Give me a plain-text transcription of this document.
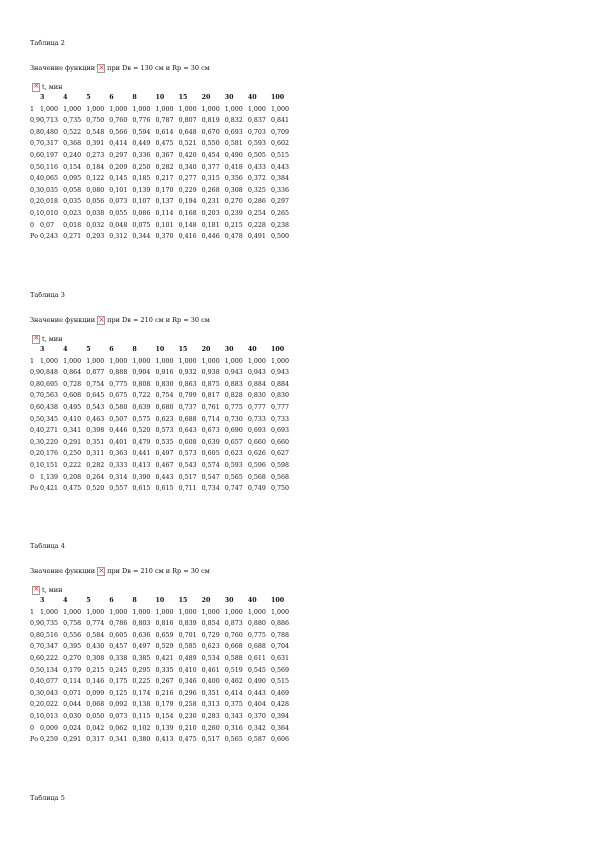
Таблица 2
Значение функции × при Dв = 130 см и Rр = 30 см
×
t, мин
	3	4	5	6	8	10	15	20	30	40	100
1	1,000	1,000	1,000	1,000	1,000	1,000	1,000	1,000	1,000	1,000	1,000
0,9	0,713	0,735	0,750	0,760	0,776	0,787	0,807	0,819	0,832	0,837	0,841
0,8	0,480	0,522	0,548	0,566	0,594	0,614	0,648	0,670	0,693	0,703	0,709
0,7	0,317	0,368	0,391	0,414	0,449	0,475	0,521	0,550	0,581	0,593	0,602
0,6	0,197	0,240	0,273	0,297	0,336	0,367	0,420	0,454	0,490	0,505	0,515
0,5	0,116	0,154	0,184	0,209	0,250	0,282	0,340	0,377	0,418	0,433	0,443
0,4	0,065	0,095	0,122	0,145	0,185	0,217	0,277	0,315	0,356	0,372	0,384
0,3	0,035	0,058	0,080	0,101	0,139	0,170	0,229	0,268	0,308	0,325	0,336
0,2	0,018	0,035	0,056	0,073	0,107	0,137	0,194	0,231	0,270	0,286	0,297
0,1	0,010	0,023	0,038	0,055	0,086	0,114	0,168	0,203	0,239	0,254	0,265
0	0,07	0,018	0,032	0,048	0,075	0,101	0,148	0,181	0,215	0,228	0,238
Рo	0,243	0,271	0,293	0,312	0,344	0,370	0,416	0,446	0,478	0,491	0,500
Таблица 3
Значение функции × при Dв = 210 см и Rр = 30 см
×
t, мин
	3	4	5	6	8	10	15	20	30	40	100
1	1,000	1,000	1,000	1,000	1,000	1,000	1,000	1,000	1,000	1,000	1,000
0,9	0,848	0,864	0,877	0,888	0,904	0,916	0,932	0,938	0,943	0,943	0,943
0,8	0,695	0,728	0,754	0,775	0,808	0,830	0,863	0,875	0,883	0,884	0,884
0,7	0,563	0,608	0,645	0,675	0,722	0,754	0,799	0,817	0,828	0,830	0,830
0,6	0,438	0,495	0,543	0,580	0,639	0,680	0,737	0,761	0,775	0,777	0,777
0,5	0,345	0,410	0,463	0,507	0,575	0,623	0,688	0,714	0,730	0,733	0,733
0,4	0,271	0,341	0,398	0,446	0,520	0,573	0,643	0,673	0,690	0,693	0,693
0,3	0,220	0,291	0,351	0,401	0,479	0,535	0,608	0,639	0,657	0,660	0,660
0,2	0,176	0,250	0,311	0,363	0,441	0,497	0,573	0,605	0,623	0,626	0,627
0,1	0,151	0,222	0,282	0,333	0,413	0,467	0,543	0,574	0,593	0,596	0,598
0	1,139	0,208	0,264	0,314	0,390	0,443	0,517	0,547	0,565	0,568	0,568
Рo	0,421	0,475	0,520	0,557	0,615	0,615	0,711	0,734	0,747	0,749	0,750
Таблица 4
Значение функции × при Dв = 210 см и Rр = 30 см
×
t, мин
	3	4	5	6	8	10	15	20	30	40	100
1	1,000	1,000	1,000	1,000	1,000	1,000	1,000	1,000	1,000	1,000	1,000
0,9	0,735	0,758	0,774	0,786	0,803	0,816	0,839	0,854	0,873	0,880	0,886
0,8	0,516	0,556	0,584	0,605	0,636	0,659	0,701	0,729	0,760	0,775	0,788
0,7	0,347	0,395	0,430	0,457	0,497	0,529	0,585	0,623	0,668	0,688	0,704
0,6	0,222	0,270	0,308	0,338	0,385	0,421	0,489	0,534	0,588	0,611	0,631
0,5	0,134	0,179	0,215	0,245	0,295	0,335	0,410	0,461	0,519	0,545	0,569
0,4	0,077	0,114	0,146	0,175	0,225	0,267	0,346	0,400	0,462	0,490	0,515
0,3	0,043	0,071	0,099	0,125	0,174	0,216	0,296	0,351	0,414	0,443	0,469
0,2	0,022	0,044	0,068	0,092	0,138	0,179	0,258	0,313	0,375	0,404	0,428
0,1	0,013	0,030	0,050	0,073	0,115	0,154	0,230	0,283	0,343	0,370	0,394
0	0,009	0,024	0,042	0,062	0,102	0,139	0,210	0,260	0,316	0,342	0,364
Рo	0,259	0,291	0,317	0,341	0,380	0,413	0,475	0,517	0,565	0,587	0,606
Таблица 5
